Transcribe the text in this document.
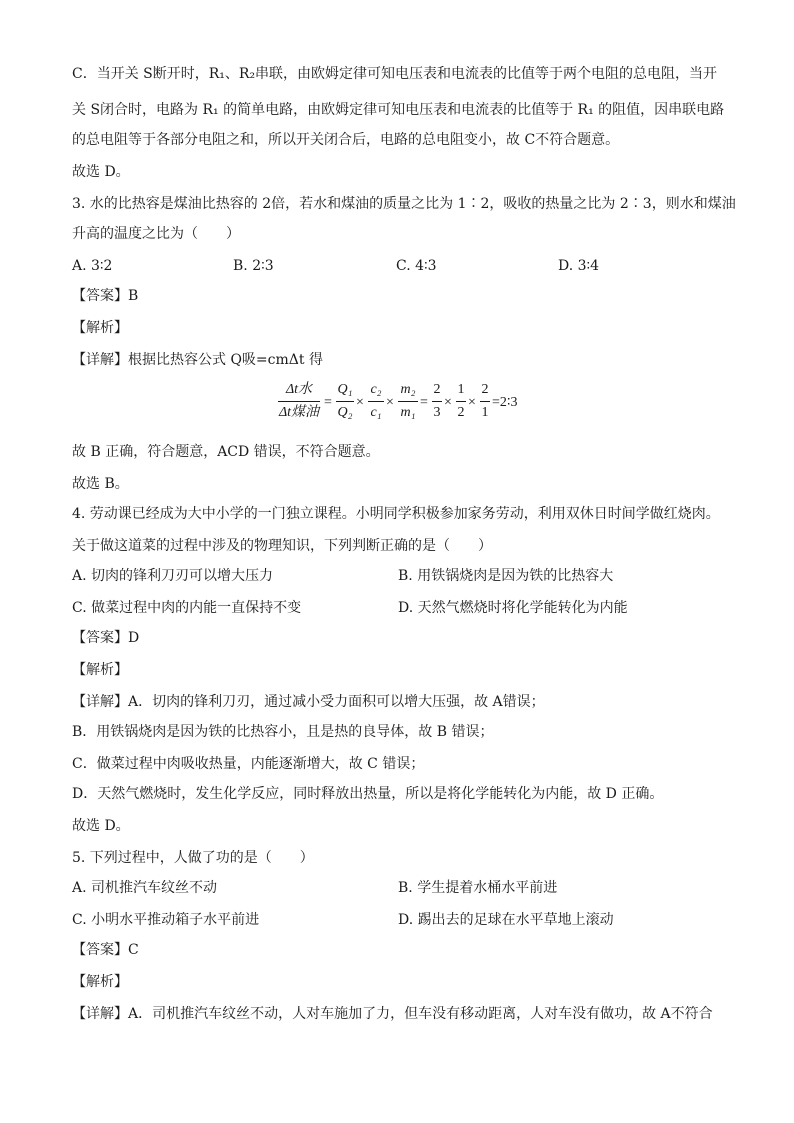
C．当开关 S断开时，R₁、R₂串联，由欧姆定律可知电压表和电流表的比值等于两个电阻的总电阻，当开
关 S闭合时，电路为 R₁ 的简单电路，由欧姆定律可知电压表和电流表的比值等于 R₁ 的阻值，因串联电路
的总电阻等于各部分电阻之和，所以开关闭合后，电路的总电阻变小，故 C不符合题意。
故选 D。
3. 水的比热容是煤油比热容的 2倍，若水和煤油的质量之比为 1∶2，吸收的热量之比为 2∶3，则水和煤油
升高的温度之比为（　　）
A. 3∶2	B. 2∶3	C. 4∶3	D. 3∶4
【答案】B
【解析】
【详解】根据比热容公式 Q吸=cmΔt 得
Δt水
Δt煤油
=
Q₁
Q₂
×
c₂
c₁
×
m₂
m₁
=
2
3
×
1
2
×
2
1
=2∶3
故 B 正确，符合题意，ACD 错误，不符合题意。
故选 B。
4. 劳动课已经成为大中小学的一门独立课程。小明同学积极参加家务劳动，利用双休日时间学做红烧肉。
关于做这道菜的过程中涉及的物理知识，下列判断正确的是（　　）
A. 切肉的锋利刀刃可以增大压力	B. 用铁锅烧肉是因为铁的比热容大
C. 做菜过程中肉的内能一直保持不变	D. 天然气燃烧时将化学能转化为内能
【答案】D
【解析】
【详解】A．切肉的锋利刀刃，通过减小受力面积可以增大压强，故 A错误；
B．用铁锅烧肉是因为铁的比热容小，且是热的良导体，故 B 错误；
C．做菜过程中肉吸收热量，内能逐渐增大，故 C 错误；
D．天然气燃烧时，发生化学反应，同时释放出热量，所以是将化学能转化为内能，故 D 正确。
故选 D。
5. 下列过程中，人做了功的是（　　）
A. 司机推汽车纹丝不动	B. 学生提着水桶水平前进
C. 小明水平推动箱子水平前进	D. 踢出去的足球在水平草地上滚动
【答案】C
【解析】
【详解】A．司机推汽车纹丝不动，人对车施加了力，但车没有移动距离，人对车没有做功，故 A不符合
